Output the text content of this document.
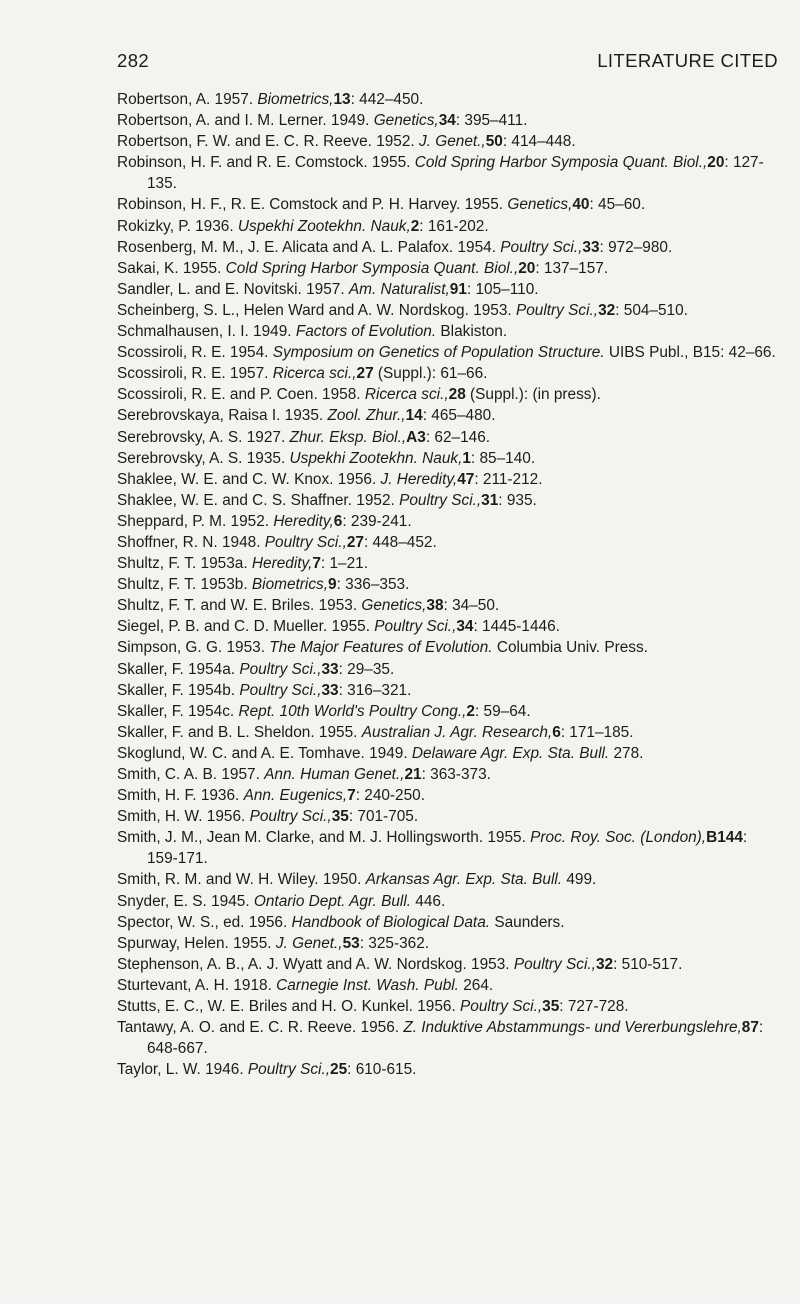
282	LITERATURE CITED
Robertson, A. 1957. Biometrics,13: 442–450.
Robertson, A. and I. M. Lerner. 1949. Genetics,34: 395–411.
Robertson, F. W. and E. C. R. Reeve. 1952. J. Genet.,50: 414–448.
Robinson, H. F. and R. E. Comstock. 1955. Cold Spring Harbor Symposia Quant. Biol.,20: 127-135.
Robinson, H. F., R. E. Comstock and P. H. Harvey. 1955. Genetics,40: 45–60.
Rokizky, P. 1936. Uspekhi Zootekhn. Nauk,2: 161-202.
Rosenberg, M. M., J. E. Alicata and A. L. Palafox. 1954. Poultry Sci.,33: 972–980.
Sakai, K. 1955. Cold Spring Harbor Symposia Quant. Biol.,20: 137–157.
Sandler, L. and E. Novitski. 1957. Am. Naturalist,91: 105–110.
Scheinberg, S. L., Helen Ward and A. W. Nordskog. 1953. Poultry Sci.,32: 504–510.
Schmalhausen, I. I. 1949. Factors of Evolution. Blakiston.
Scossiroli, R. E. 1954. Symposium on Genetics of Population Structure. UIBS Publ., B15: 42–66.
Scossiroli, R. E. 1957. Ricerca sci.,27 (Suppl.): 61–66.
Scossiroli, R. E. and P. Coen. 1958. Ricerca sci.,28 (Suppl.): (in press).
Serebrovskaya, Raisa I. 1935. Zool. Zhur.,14: 465–480.
Serebrovsky, A. S. 1927. Zhur. Eksp. Biol.,A3: 62–146.
Serebrovsky, A. S. 1935. Uspekhi Zootekhn. Nauk,1: 85–140.
Shaklee, W. E. and C. W. Knox. 1956. J. Heredity,47: 211-212.
Shaklee, W. E. and C. S. Shaffner. 1952. Poultry Sci.,31: 935.
Sheppard, P. M. 1952. Heredity,6: 239-241.
Shoffner, R. N. 1948. Poultry Sci.,27: 448–452.
Shultz, F. T. 1953a. Heredity,7: 1–21.
Shultz, F. T. 1953b. Biometrics,9: 336–353.
Shultz, F. T. and W. E. Briles. 1953. Genetics,38: 34–50.
Siegel, P. B. and C. D. Mueller. 1955. Poultry Sci.,34: 1445-1446.
Simpson, G. G. 1953. The Major Features of Evolution. Columbia Univ. Press.
Skaller, F. 1954a. Poultry Sci.,33: 29–35.
Skaller, F. 1954b. Poultry Sci.,33: 316–321.
Skaller, F. 1954c. Rept. 10th World's Poultry Cong.,2: 59–64.
Skaller, F. and B. L. Sheldon. 1955. Australian J. Agr. Research,6: 171–185.
Skoglund, W. C. and A. E. Tomhave. 1949. Delaware Agr. Exp. Sta. Bull. 278.
Smith, C. A. B. 1957. Ann. Human Genet.,21: 363-373.
Smith, H. F. 1936. Ann. Eugenics,7: 240-250.
Smith, H. W. 1956. Poultry Sci.,35: 701-705.
Smith, J. M., Jean M. Clarke, and M. J. Hollingsworth. 1955. Proc. Roy. Soc. (London),B144: 159-171.
Smith, R. M. and W. H. Wiley. 1950. Arkansas Agr. Exp. Sta. Bull. 499.
Snyder, E. S. 1945. Ontario Dept. Agr. Bull. 446.
Spector, W. S., ed. 1956. Handbook of Biological Data. Saunders.
Spurway, Helen. 1955. J. Genet.,53: 325-362.
Stephenson, A. B., A. J. Wyatt and A. W. Nordskog. 1953. Poultry Sci.,32: 510-517.
Sturtevant, A. H. 1918. Carnegie Inst. Wash. Publ. 264.
Stutts, E. C., W. E. Briles and H. O. Kunkel. 1956. Poultry Sci.,35: 727-728.
Tantawy, A. O. and E. C. R. Reeve. 1956. Z. Induktive Abstammungs- und Vererbungslehre,87: 648-667.
Taylor, L. W. 1946. Poultry Sci.,25: 610-615.
